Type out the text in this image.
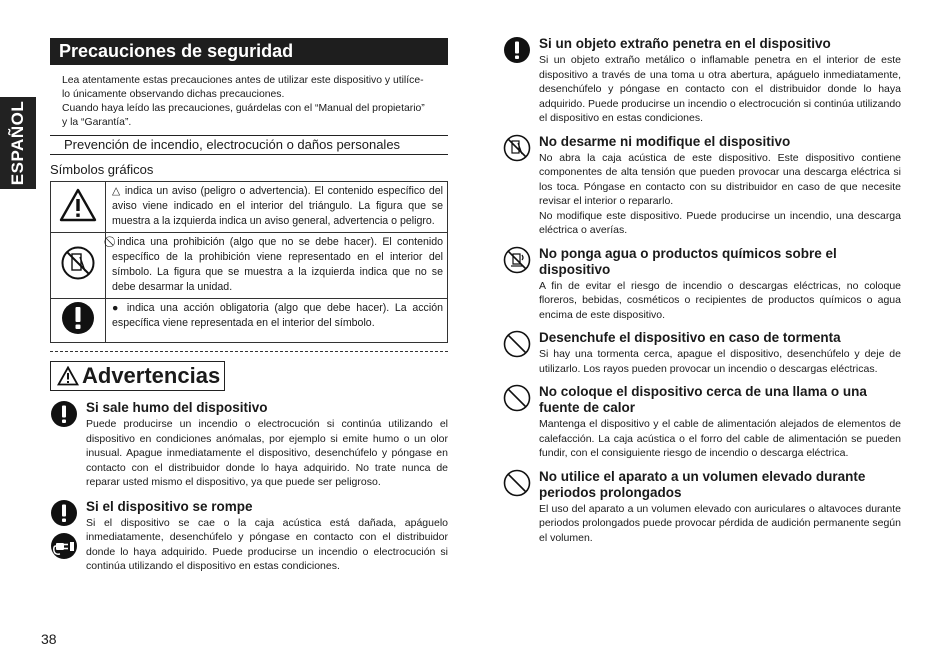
ESPAÑOL
Precauciones de seguridad
Lea atentamente estas precauciones antes de utilizar este dispositivo y utilíce-
lo únicamente observando dichas precauciones.
Cuando haya leído las precauciones, guárdelas con el “Manual del propietario”
y la “Garantía”.
Prevención de incendio, electrocución o daños personales
Símbolos gráficos
	△ indica un aviso (peligro o advertencia). El contenido específico del aviso viene indicado en el interior del triángulo. La figura que se muestra a la izquierda indica un aviso general, advertencia o peligro.
	⃠ indica una prohibición (algo que no se debe hacer). El contenido específico de la prohibición viene representado en el interior del símbolo. La figura que se muestra a la izquierda indica que no se debe desarmar la unidad.
	● indica una acción obligatoria (algo que debe hacer). La acción específica viene representada en el interior del símbolo.
Advertencias
Si sale humo del dispositivo

Puede producirse un incendio o electrocución si continúa utilizando el dispositivo en condiciones anómalas, por ejemplo si emite humo o un olor inusual. Apague inmediatamente el dispositivo, desenchúfelo y póngase en contacto con el distribuidor donde lo haya adquirido. No trate nunca de reparar usted mismo el dispositivo, ya que puede ser peligroso.

Si el dispositivo se rompe

Si el dispositivo se cae o la caja acústica está dañada, apáguelo inmediatamente, desenchúfelo y póngase en contacto con el distribuidor donde lo haya adquirido. Puede producirse un incendio o electrocución si continúa utilizando el dispositivo en estas condiciones.

Si un objeto extraño penetra en el dispositivo

Si un objeto extraño metálico o inflamable penetra en el interior de este dispositivo a través de una toma u otra abertura, apáguelo inmediatamente, desenchúfelo y póngase en contacto con el distribuidor donde lo haya adquirido. Puede producirse un incendio o electrocución si continúa utilizando el dispositivo en estas condiciones.

No desarme ni modifique el dispositivo

No abra la caja acústica de este dispositivo. Este dispositivo contiene componentes de alta tensión que pueden provocar una descarga eléctrica si los toca. Póngase en contacto con su distribuidor en caso de que necesite revisar el interior o repararlo.

No modifique este dispositivo. Puede producirse un incendio, una descarga eléctrica o averías.

No ponga agua o productos químicos sobre el dispositivo

A fin de evitar el riesgo de incendio o descargas eléctricas, no coloque floreros, bebidas, cosméticos o recipientes de productos químicos o agua encima de este dispositivo.

Desenchufe el dispositivo en caso de tormenta

Si hay una tormenta cerca, apague el dispositivo, desenchúfelo y deje de utilizarlo. Los rayos pueden provocar un incendio o descargas eléctricas.

No coloque el dispositivo cerca de una llama o una fuente de calor

Mantenga el dispositivo y el cable de alimentación alejados de elementos de calefacción. La caja acústica o el forro del cable de alimentación se pueden fundir, con el consiguiente riesgo de incendio o descarga eléctrica.

No utilice el aparato a un volumen elevado durante periodos prolongados

El uso del aparato a un volumen elevado con auriculares o altavoces durante periodos prolongados puede provocar pérdida de audición permanente según el volumen.

38
